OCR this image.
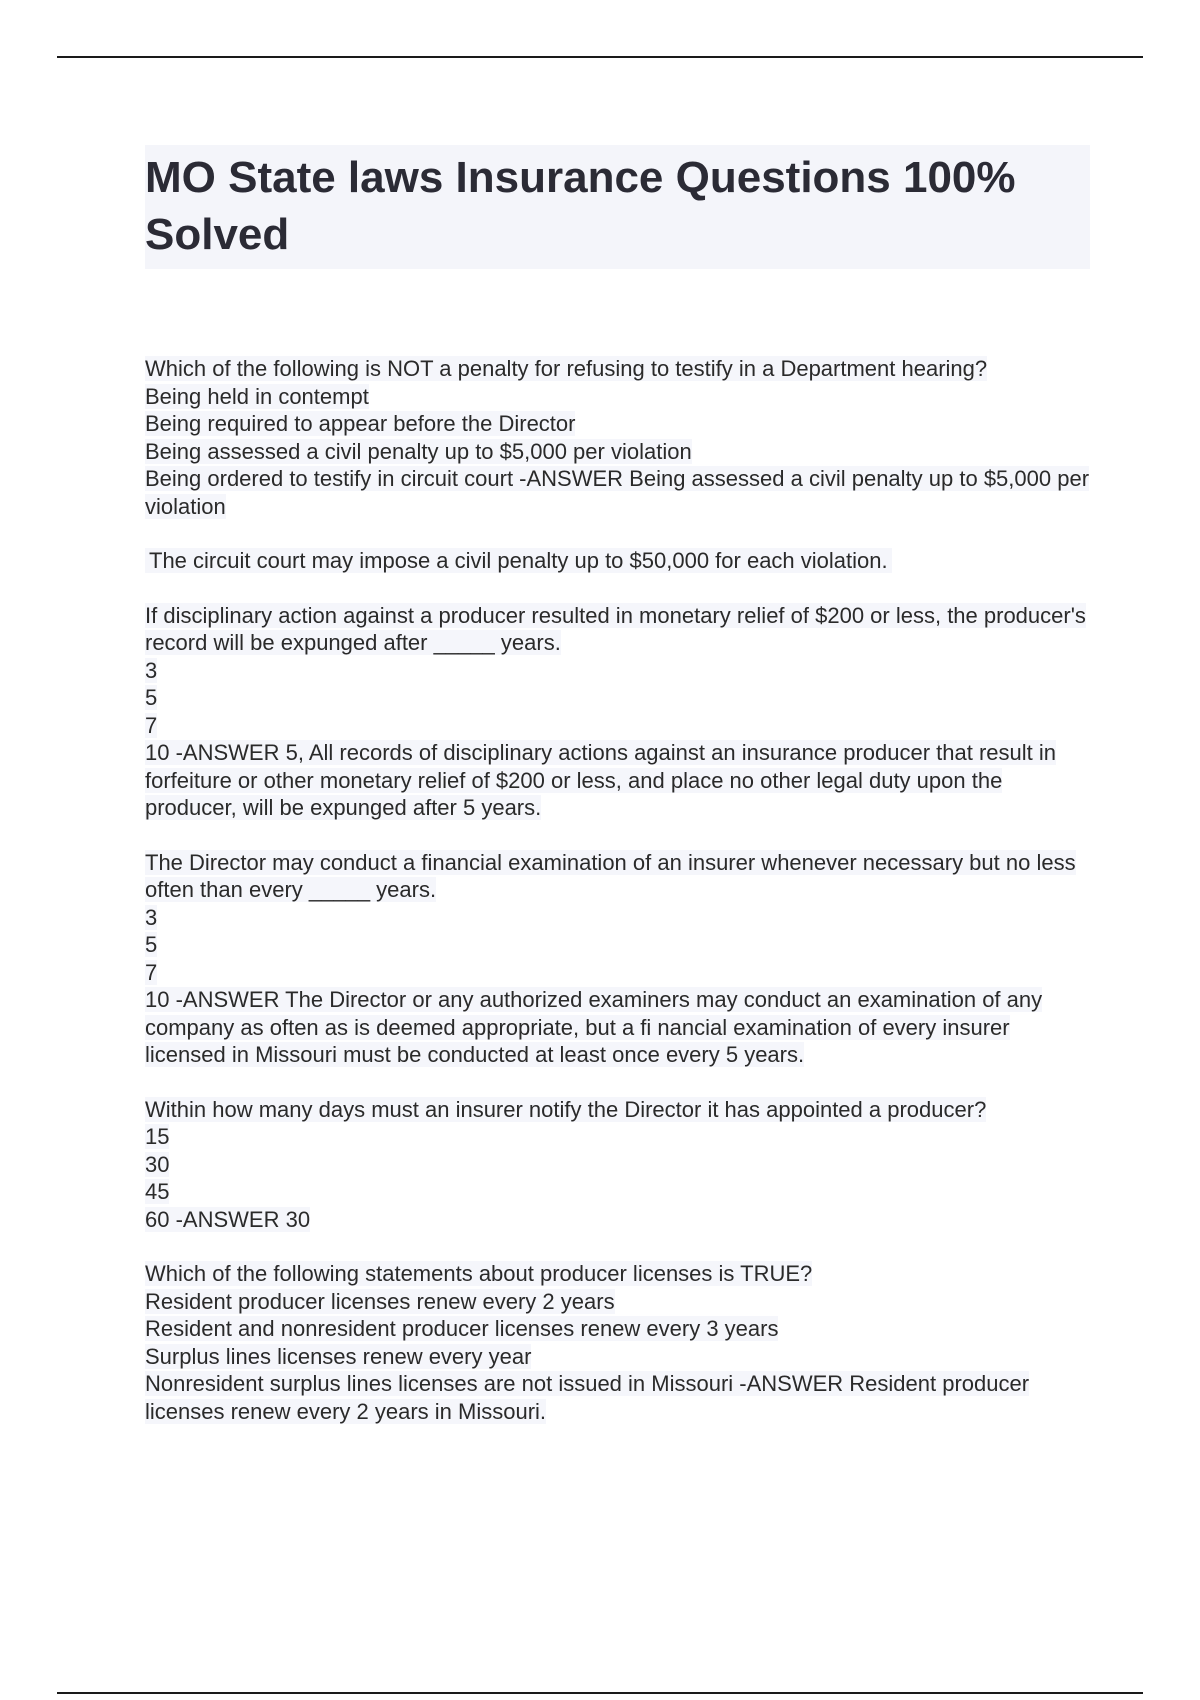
MO State laws Insurance Questions 100% Solved

Which of the following is NOT a penalty for refusing to testify in a Department hearing?

Being held in contempt

Being required to appear before the Director

Being assessed a civil penalty up to $5,000 per violation

Being ordered to testify in circuit court -ANSWER Being assessed a civil penalty up to $5,000 per violation

The circuit court may impose a civil penalty up to $50,000 for each violation.

If disciplinary action against a producer resulted in monetary relief of $200 or less, the producer's record will be expunged after _____ years.

3

5

7

10 -ANSWER 5, All records of disciplinary actions against an insurance producer that result in forfeiture or other monetary relief of $200 or less, and place no other legal duty upon the producer, will be expunged after 5 years.

The Director may conduct a financial examination of an insurer whenever necessary but no less often than every _____ years.

3

5

7

10 -ANSWER The Director or any authorized examiners may conduct an examination of any company as often as is deemed appropriate, but a fi nancial examination of every insurer licensed in Missouri must be conducted at least once every 5 years.

Within how many days must an insurer notify the Director it has appointed a producer?

15

30

45

60 -ANSWER 30

Which of the following statements about producer licenses is TRUE?

Resident producer licenses renew every 2 years

Resident and nonresident producer licenses renew every 3 years

Surplus lines licenses renew every year

Nonresident surplus lines licenses are not issued in Missouri -ANSWER Resident producer licenses renew every 2 years in Missouri.
